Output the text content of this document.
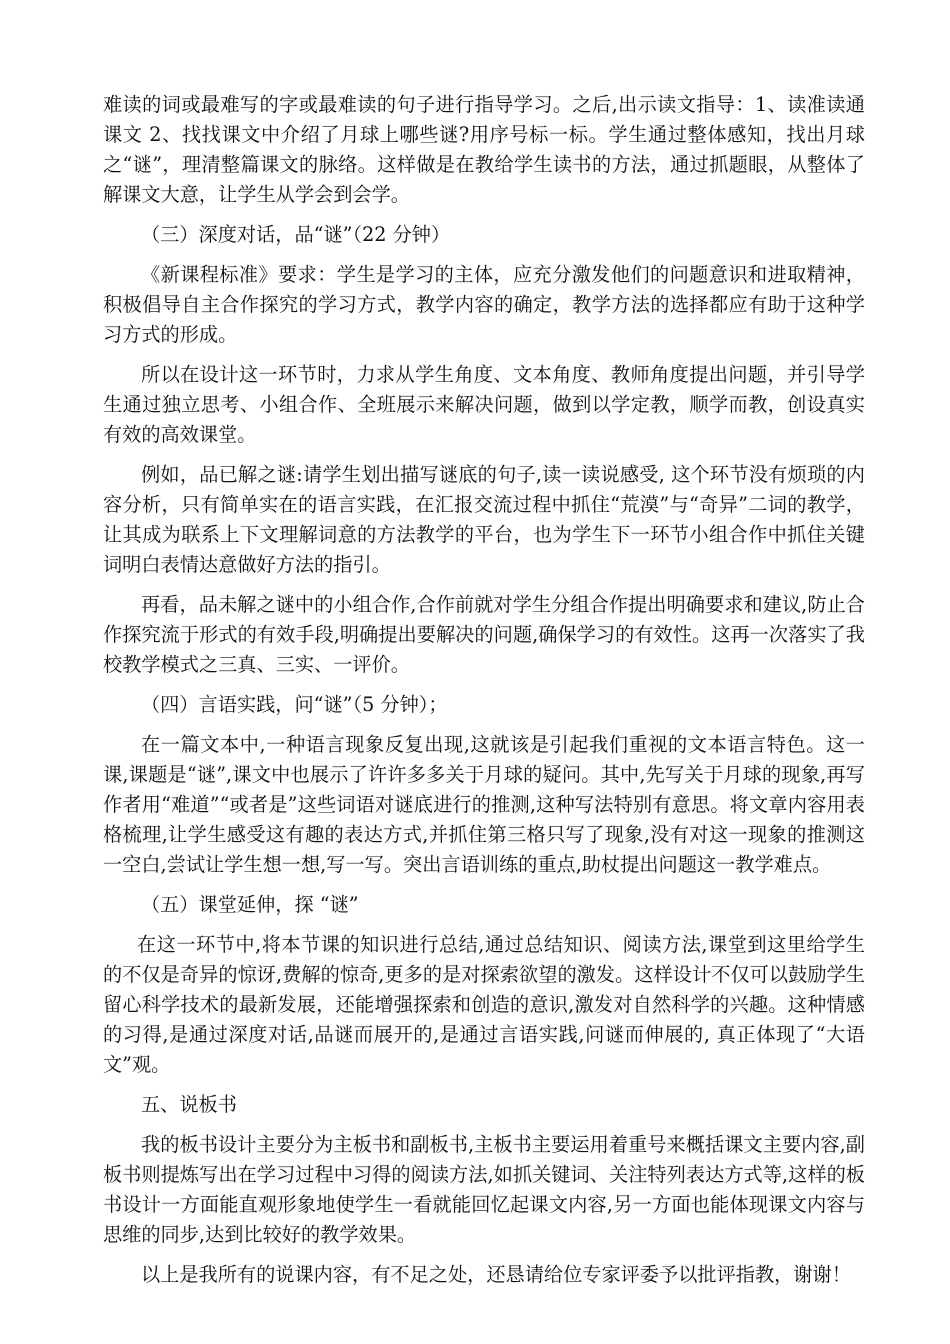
难读的词或最难写的字或最难读的句子进行指导学习。之后,出示读文指导：1、读准读通课文 2、找找课文中介绍了月球上哪些谜?用序号标一标。学生通过整体感知，找出月球之“谜”，理清整篇课文的脉络。这样做是在教给学生读书的方法，通过抓题眼，从整体了解课文大意，让学生从学会到会学。

（三）深度对话，品“谜”（22 分钟）

《新课程标准》要求：学生是学习的主体，应充分激发他们的问题意识和进取精神，积极倡导自主合作探究的学习方式，教学内容的确定，教学方法的选择都应有助于这种学习方式的形成。

所以在设计这一环节时，力求从学生角度、文本角度、教师角度提出问题，并引导学生通过独立思考、小组合作、全班展示来解决问题，做到以学定教，顺学而教，创设真实有效的高效课堂。

例如，品已解之谜:请学生划出描写谜底的句子,读一读说感受, 这个环节没有烦琐的内容分析，只有简单实在的语言实践，在汇报交流过程中抓住“荒漠”与“奇异”二词的教学，让其成为联系上下文理解词意的方法教学的平台，也为学生下一环节小组合作中抓住关键词明白表情达意做好方法的指引。

再看，品未解之谜中的小组合作,合作前就对学生分组合作提出明确要求和建议,防止合作探究流于形式的有效手段,明确提出要解决的问题,确保学习的有效性。这再一次落实了我校教学模式之三真、三实、一评价。

（四）言语实践，问“谜”（5 分钟）；

在一篇文本中,一种语言现象反复出现,这就该是引起我们重视的文本语言特色。这一课,课题是“谜”,课文中也展示了许许多多关于月球的疑问。其中,先写关于月球的现象,再写作者用“难道”“或者是”这些词语对谜底进行的推测,这种写法特别有意思。将文章内容用表格梳理,让学生感受这有趣的表达方式,并抓住第三格只写了现象,没有对这一现象的推测这一空白,尝试让学生想一想,写一写。突出言语训练的重点,助杖提出问题这一教学难点。

（五）课堂延伸，探 “谜”

在这一环节中,将本节课的知识进行总结,通过总结知识、阅读方法,课堂到这里给学生的不仅是奇异的惊讶,费解的惊奇,更多的是对探索欲望的激发。这样设计不仅可以鼓励学生留心科学技术的最新发展，还能增强探索和创造的意识,激发对自然科学的兴趣。这种情感的习得,是通过深度对话,品谜而展开的,是通过言语实践,问谜而伸展的, 真正体现了“大语文”观。

五、说板书

我的板书设计主要分为主板书和副板书,主板书主要运用着重号来概括课文主要内容,副板书则提炼写出在学习过程中习得的阅读方法,如抓关键词、关注特列表达方式等,这样的板书设计一方面能直观形象地使学生一看就能回忆起课文内容,另一方面也能体现课文内容与思维的同步,达到比较好的教学效果。

以上是我所有的说课内容，有不足之处，还恳请给位专家评委予以批评指教，谢谢！
